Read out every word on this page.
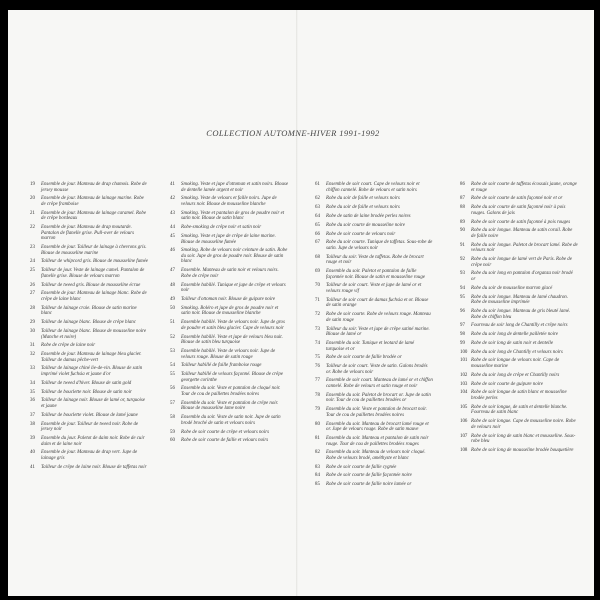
COLLECTION AUTOMNE-HIVER 1991-1992
19	Ensemble de jour. Manteau de drap chamois. Robe de jersey mousse
20	Ensemble de jour. Manteau de lainage marine. Robe de crêpe framboise
21	Ensemble de jour. Manteau de lainage caramel. Robe de crêpe bordeaux
22	Ensemble de jour. Manteau de drap moutarde. Pantalon de flanelle grise. Pull-over de velours marron
23	Ensemble de jour. Tailleur de lainage à chevrons gris. Blouse de mousseline marine
24	Tailleur de whipcord gris. Blouse de mousseline fumée
25	Tailleur de jour. Veste de lainage camel. Pantalon de flanelle grise. Blouse de velours marron
26	Tailleur de tweed gris. Blouse de mousseline écrue
27	Ensemble de jour. Manteau de lainage blanc. Robe de crêpe de laine blanc
28	Tailleur de lainage craie. Blouse de satin marine blanc
29	Tailleur de lainage blanc. Blouse de crêpe blanc
30	Tailleur de lainage blanc. Blouse de mousseline noire (Manche et noire)
31	Robe de crêpe de laine noir
32	Ensemble de jour. Manteau de lainage bleu glacier. Tailleur de damas pêche-vert
33	Tailleur de lainage chiné lie-de-vin. Blouse de satin imprimé violet fuchsia et jaune d'or
34	Tailleur de tweed d'hiver. Blouse de satin gold
35	Tailleur de bouclette noir. Blouse de satin noir
36	Tailleur de lainage noir. Blouse de lamé or, turquoise et jaune
37	Tailleur de bouclette violet. Blouse de lamé jaune
38	Ensemble de jour. Tailleur de tweed noir. Robe de jersey noir
39	Ensemble du jour. Paletot de daim noir. Robe de cuir daim et de laine noir
40	Ensemble de jour. Manteau de drap vert. Jupe de lainage gris
41	Tailleur de crêpe de laine noir. Blouse de taffetas noir
41	Smoking. Veste et jupe d'ottoman et satin noirs. Blouse de dentelle lamée argent et noir
42	Smoking. Veste de velours et faille noirs. Jupe de velours noir. Blouse de mousseline blanche
43	Smoking. Veste et pantalon de gros de poudre noir et satin noir. Blouse de satin blanc
44	Robe-smoking de crêpe noir et satin noir
45	Smoking. Veste et jupe de crêpe de laine marine. Blouse de mousseline fumée
46	Smoking. Robe de velours noir ceinture de satin. Robe du soir. Jupe de gros de poudre noir. Blouse de satin blanc
47	Ensemble. Manteau de satin noir et velours noirs. Robe de crêpe noir
48	Ensemble habillé. Tunique et jupe de crêpe et velours noir
49	Tailleur d'ottoman noir. Blouse de guipure noire
50	Smoking. Boléro et jupe de gros de poudre noir et satin noir. Blouse de mousseline blanche
51	Ensemble habillé. Veste de velours noir. Jupe de gros de poudre et satin bleu glacier. Cape de velours noir
52	Ensemble habillé. Veste et jupe de velours bleu nuit. Blouse de satin bleu turquoise
53	Ensemble habillé. Veste de velours noir. Jupe de velours rouge. Blouse de satin rouge
54	Tailleur habillé de faille framboise rouge
55	Tailleur habillé de velours façonné. Blouse de crêpe georgette corinthe
56	Ensemble du soir. Veste et pantalon de cloqué noir. Tour de cou de paillettes brodées noires
57	Ensemble du soir. Veste et pantalon de crêpe noir. Blouse de mousseline lame noire
58	Ensemble du soir. Veste de satin noir. Jupe de satin brodé broché de satin et velours noirs
59	Robe de soir courte de crêpe et velours noirs
60	Robe de soir courte de faille et velours noirs
61	Ensemble de soir court. Cape de velours noir et chiffon cannelé. Robe de velours et satin noirs
62	Robe du soir de faille et velours noirs
63	Robe du soir de faille et velours noirs
64	Robe de satin de laine brodée perles noires
65	Robe du soir courte de mousseline noire
66	Robe de soir courte de velours noir
67	Robe du soir courte. Tunique de taffetas. Sous-robe de satin. Jupe de velours noir
68	Tailleur du soir. Veste de taffetas. Robe de brocart rouge et noir
69	Ensemble du soir. Paletot et pantalon de faille façonnée noir. Blouse de satin et mousseline rouge
70	Tailleur de soir court. Veste et jupe de lamé or et velours rouge vif
71	Tailleur de soir court de damas fuchsia et or. Blouse de satin orange
72	Robe de soir courte. Robe de velours rouge. Manteau de satin rouge
73	Tailleur du soir. Veste et jupe de crêpe satiné marine. Blouse de lamé or
74	Ensemble du soir. Tunique et leotard de lamé turquoise et or
75	Robe de soir courte de faille brodée or
76	Tailleur de soir court. Veste de satin. Galons brodés or. Robe de velours noir
77	Ensemble de soir court. Manteau de lamé or et chiffon cannelé. Robe de velours et satin rouge et noir
78	Ensemble du soir. Paletot de brocart or. Jupe de satin noir. Tour de cou de paillettes brodées or
79	Ensemble du soir. Veste et pantalon de brocart noir. Tour de cou de paillettes brodées noires
80	Ensemble du soir. Manteau de brocart lamé rouge et or. Jupe de velours rouge. Robe de satin mauve
81	Ensemble du soir. Manteau et pantalon de satin noir rouge. Tour de cou de paillettes brodées rouges
82	Ensemble du soir. Manteau de velours noir cloqué. Robe de velours brodé, améthyste et blanc
83	Robe de soir courte de faille cygnée
84	Robe de soir courte de faille façonnée noire
85	Robe de soir courte de faille noire lamée or
86	Robe de soir courte de taffetas écossais jaune, orange et rouge
87	Robe de soir courte de satin façonné noir et or
88	Robe du soir courte de satin façonné noir à pois rouges. Galons de jais
89	Robe de soir courte de satin façonné à pois rouges
90	Robe du soir longue. Manteau de satin corail. Robe de faille noire
91	Robe du soir longue. Paletot de brocart lamé. Robe de velours noir
92	Robe du soir longue de lamé vert de Paris. Robe de crêpe noir
93	Robe du soir long en pantalon d'organza noir brodé or
94	Robe du soir de mousseline marron glacé
95	Robe du soir longue. Manteau de lamé chaudron. Robe de mousseline imprimée
96	Robe du soir longue. Manteau de gris bleuté lamé. Robe de chiffon bleu
97	Fourreau de soir long de Chantilly et crêpe noirs
98	Robe du soir long de dentelle pailletée noire
99	Robe de soir long de satin noir et dentelle
100 Robe du soir long de Chantilly et velours noirs
101 Robe de soir longue de velours noir. Cape de mousseline marine
102 Robe du soir long de crêpe et Chantilly noirs
103 Robe de soir courte de guipure noire
104 Robe de soir longue de satin blanc et mousseline brodée perles
105 Robe de soir longue, de satin et dentelle blanche. Fourreau de satin blanc
106 Robe de soir longue. Cape de mousseline noire. Robe de velours noir
107 Robe de soir long de satin blanc et mousseline. Sous-robe bleu
108 Robe de soir long de mousseline brodée bouquetière
